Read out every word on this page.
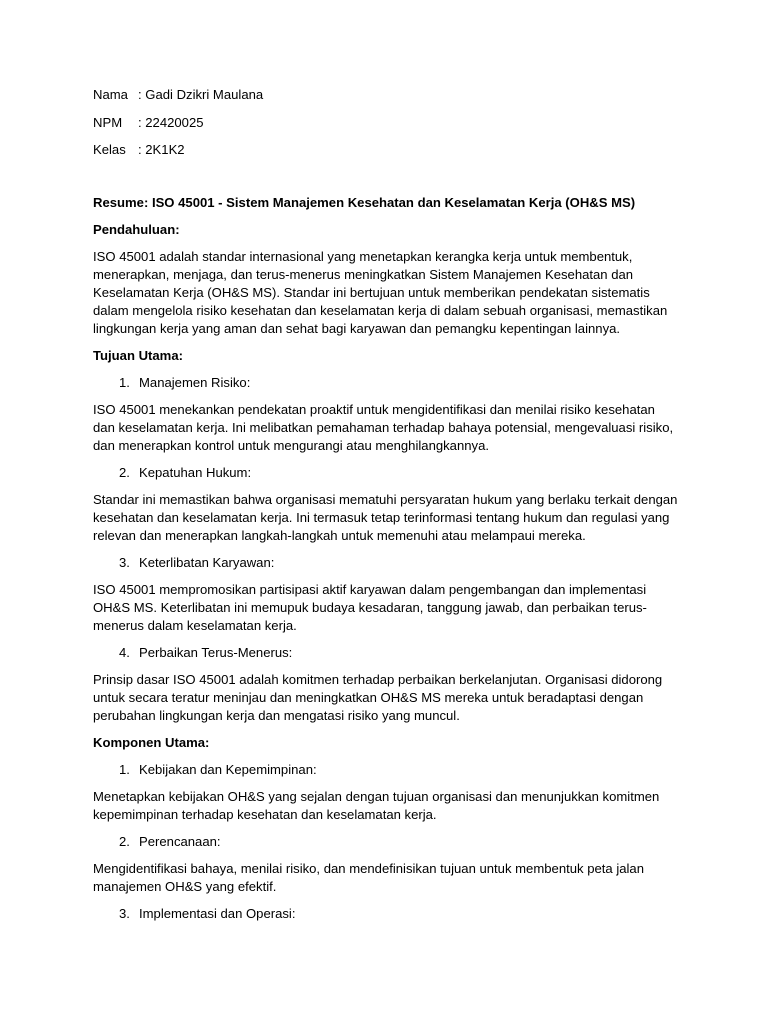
Nama : Gadi Dzikri Maulana
NPM	: 22420025
Kelas : 2K1K2
Resume: ISO 45001 - Sistem Manajemen Kesehatan dan Keselamatan Kerja (OH&S MS)
Pendahuluan:
ISO 45001 adalah standar internasional yang menetapkan kerangka kerja untuk membentuk,
menerapkan, menjaga, dan terus-menerus meningkatkan Sistem Manajemen Kesehatan dan
Keselamatan Kerja (OH&S MS). Standar ini bertujuan untuk memberikan pendekatan sistematis
dalam mengelola risiko kesehatan dan keselamatan kerja di dalam sebuah organisasi, memastikan
lingkungan kerja yang aman dan sehat bagi karyawan dan pemangku kepentingan lainnya.
Tujuan Utama:
1. Manajemen Risiko:
ISO 45001 menekankan pendekatan proaktif untuk mengidentifikasi dan menilai risiko kesehatan
dan keselamatan kerja. Ini melibatkan pemahaman terhadap bahaya potensial, mengevaluasi risiko,
dan menerapkan kontrol untuk mengurangi atau menghilangkannya.
2. Kepatuhan Hukum:
Standar ini memastikan bahwa organisasi mematuhi persyaratan hukum yang berlaku terkait dengan
kesehatan dan keselamatan kerja. Ini termasuk tetap terinformasi tentang hukum dan regulasi yang
relevan dan menerapkan langkah-langkah untuk memenuhi atau melampaui mereka.
3. Keterlibatan Karyawan:
ISO 45001 mempromosikan partisipasi aktif karyawan dalam pengembangan dan implementasi
OH&S MS. Keterlibatan ini memupuk budaya kesadaran, tanggung jawab, dan perbaikan terus-
menerus dalam keselamatan kerja.
4. Perbaikan Terus-Menerus:
Prinsip dasar ISO 45001 adalah komitmen terhadap perbaikan berkelanjutan. Organisasi didorong
untuk secara teratur meninjau dan meningkatkan OH&S MS mereka untuk beradaptasi dengan
perubahan lingkungan kerja dan mengatasi risiko yang muncul.
Komponen Utama:
1. Kebijakan dan Kepemimpinan:
Menetapkan kebijakan OH&S yang sejalan dengan tujuan organisasi dan menunjukkan komitmen
kepemimpinan terhadap kesehatan dan keselamatan kerja.
2. Perencanaan:
Mengidentifikasi bahaya, menilai risiko, dan mendefinisikan tujuan untuk membentuk peta jalan
manajemen OH&S yang efektif.
3. Implementasi dan Operasi:
